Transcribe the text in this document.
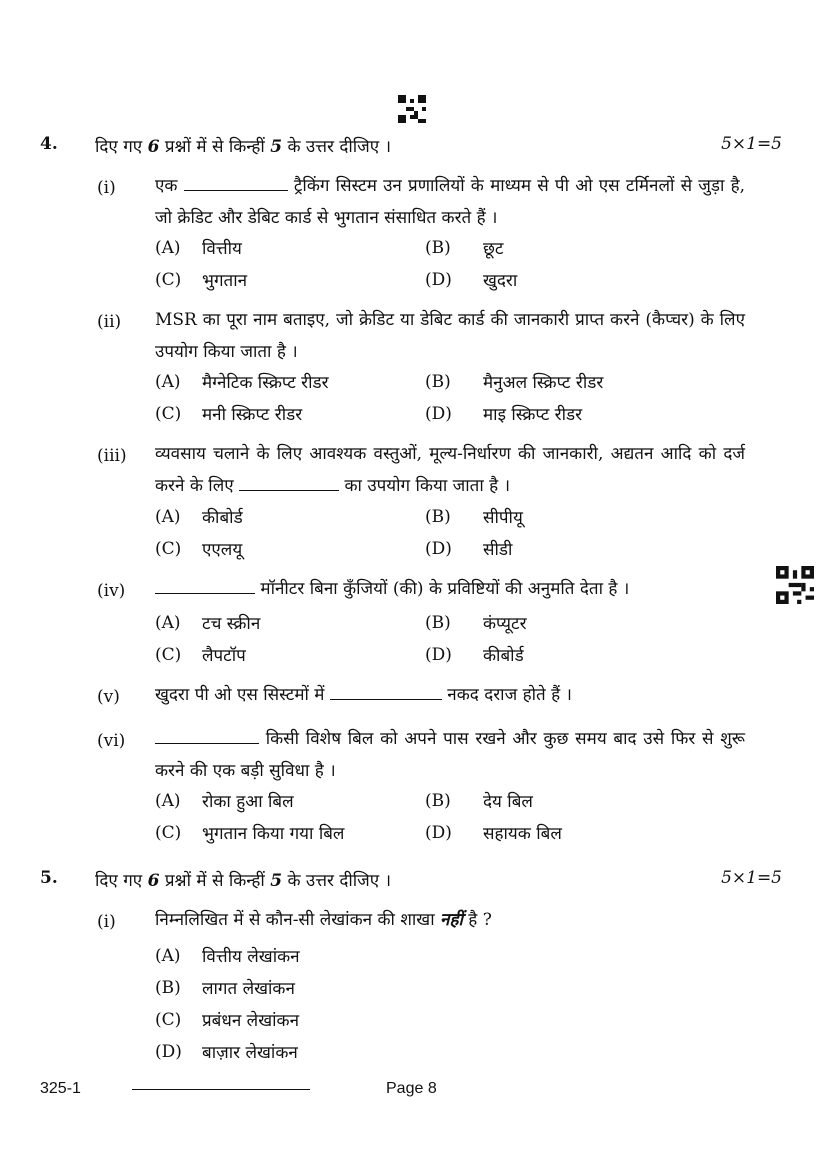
4. दिए गए 6 प्रश्नों में से किन्हीं 5 के उत्तर दीजिए ।	5×1=5
(i) एक	ट्रैकिंग सिस्टम उन प्रणालियों के माध्यम से पी ओ एस टर्मिनलों से जुड़ा है, जो क्रेडिट और डेबिट कार्ड से भुगतान संसाधित करते हैं ।
(A) वित्तीय	(B) छूट
(C) भुगतान	(D) खुदरा
(ii) MSR का पूरा नाम बताइए, जो क्रेडिट या डेबिट कार्ड की जानकारी प्राप्त करने (कैप्चर) के लिए उपयोग किया जाता है ।
(A) मैग्नेटिक स्क्रिप्ट रीडर	(B) मैनुअल स्क्रिप्ट रीडर
(C) मनी स्क्रिप्ट रीडर	(D) माइ स्क्रिप्ट रीडर
(iii) व्यवसाय चलाने के लिए आवश्यक वस्तुओं, मूल्य-निर्धारण की जानकारी, अद्यतन आदि को दर्ज करने के लिए	का उपयोग किया जाता है ।
(A) कीबोर्ड	(B) सीपीयू
(C) एएलयू	(D) सीडी
(iv)	मॉनीटर बिना कुँजियों (की) के प्रविष्टियों की अनुमति देता है ।
(A) टच स्क्रीन	(B) कंप्यूटर
(C) लैपटॉप	(D) कीबोर्ड
(v) खुदरा पी ओ एस सिस्टमों में	नकद दराज होते हैं ।
(vi)	किसी विशेष बिल को अपने पास रखने और कुछ समय बाद उसे फिर से शुरू करने की एक बड़ी सुविधा है ।
(A) रोका हुआ बिल	(B) देय बिल
(C) भुगतान किया गया बिल	(D) सहायक बिल
5. दिए गए 6 प्रश्नों में से किन्हीं 5 के उत्तर दीजिए ।	5×1=5
(i) निम्नलिखित में से कौन-सी लेखांकन की शाखा नहीं है ?
(A) वित्तीय लेखांकन
(B) लागत लेखांकन
(C) प्रबंधन लेखांकन
(D) बाज़ार लेखांकन
325-1	Page 8
